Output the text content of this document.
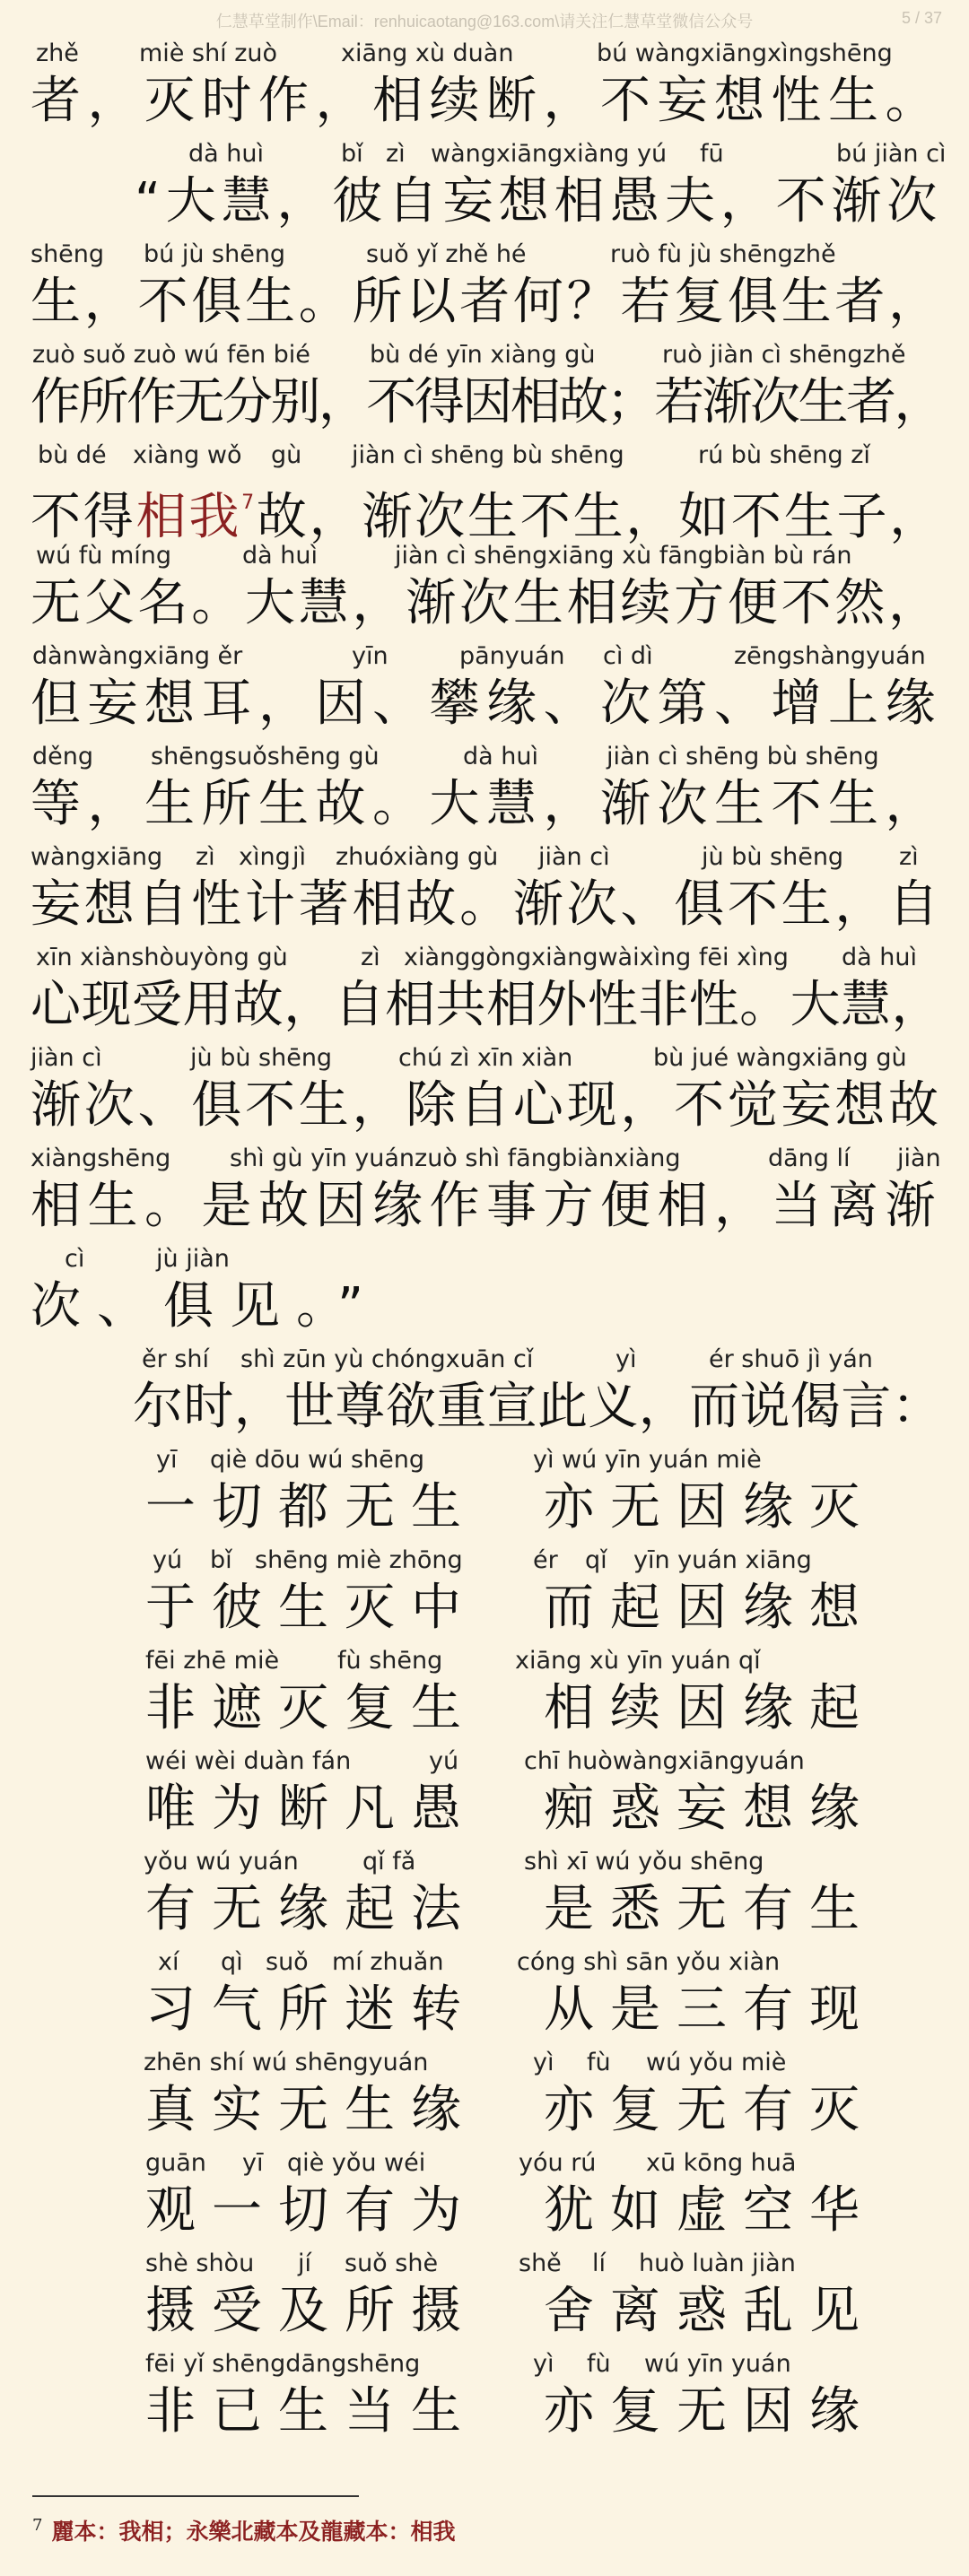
仁慧草堂制作\Email：renhuicaotang@163.com\请关注仁慧草堂微信公众号	5 / 37
zhě miè shí zuò	xiāng xù duàn	bú wàngxiāngxìngshēng
者，灭时作，相续断，不妄想性生。
dà huì	bǐ zì wàngxiāngxiàng yú fū	bú jiàn cì
“大慧，彼自妄想相愚夫，不渐次
shēng bú jù shēng	suǒ yǐ zhě hé	ruò fù jù shēngzhě
生，不俱生。所以者何？若复俱生者，
zuò suǒ zuò wú fēn bié bù dé yīn xiàng gù	ruò jiàn cì shēngzhě
作所作无分别，不得因相故；若渐次生者，
bù dé xiàng wǒ gù jiàn cì shēng bù shēng	rú bù shēng zǐ
不得相我$^7$故，渐次生不生，如不生子，
wú fù míng	dà huì	jiàn cì shēngxiāng xù fāngbiàn bù rán
无父名。大慧，渐次生相续方便不然，
dànwàngxiāng ěr	yīn	pānyuán cì dì	zēngshàngyuán
但妄想耳，因、攀缘、次第、增上缘
děng shēngsuǒshēng gù	dà huì	jiàn cì shēng bù shēng
等，生所生故。大慧，渐次生不生，
wàngxiāng zì xìng jì zhuóxiàng gù jiàn cì	jù bù shēng zì
妄想自性计著相故。渐次、俱不生，自
xīn xiànshòuyòng gù	zì xiànggòngxiàngwàixìng fēi xìng dà huì
心现受用故，自相共相外性非性。大慧，
jiàn cì	jù bù shēng	chú zì xīn xiàn	bù jué wàngxiāng gù
渐次、俱不生，除自心现，不觉妄想故
xiàngshēng shì gù yīn yuánzuò shì fāngbiànxiàng	dāng lí jiàn
相生。是故因缘作事方便相，当离渐
cì	jù jiàn
次、俱见。”
ěr shí shì zūn yù chóngxuān cǐ	yì	ér shuō jì yán
尔时，世尊欲重宣此义，而说偈言：
yī qiè dōu wú shēng	yì wú yīn yuán miè
一切都无生　亦无因缘灭
yú bǐ shēng miè zhōng	ér qǐ yīn yuán xiāng
于彼生灭中　而起因缘想
fēi zhē miè fù shēng	xiāng xù yīn yuán qǐ
非遮灭复生　相续因缘起
wéi wèi duàn fán	yú	chī huòwàngxiāngyuán
唯为断凡愚　痴惑妄想缘
yǒu wú yuán	qǐ fǎ	shì xī wú yǒu shēng
有无缘起法　是悉无有生
xí qì suǒ mí zhuǎn	cóng shì sān yǒu xiàn
习气所迷转　从是三有现
zhēn shí wú shēngyuán	yì fù wú yǒu miè
真实无生缘　亦复无有灭
guān yī qiè yǒu wéi	yóu rú xū kōng huā
观一切有为　犹如虚空华
shè shòu jí suǒ shè	shě lí huò luàn jiàn
摄受及所摄　舍离惑乱见
fēi yǐ shēngdāngshēng	yì fù wú yīn yuán
非已生当生　亦复无因缘
$^7$ 麗本：我相；永樂北藏本及龍藏本：相我
